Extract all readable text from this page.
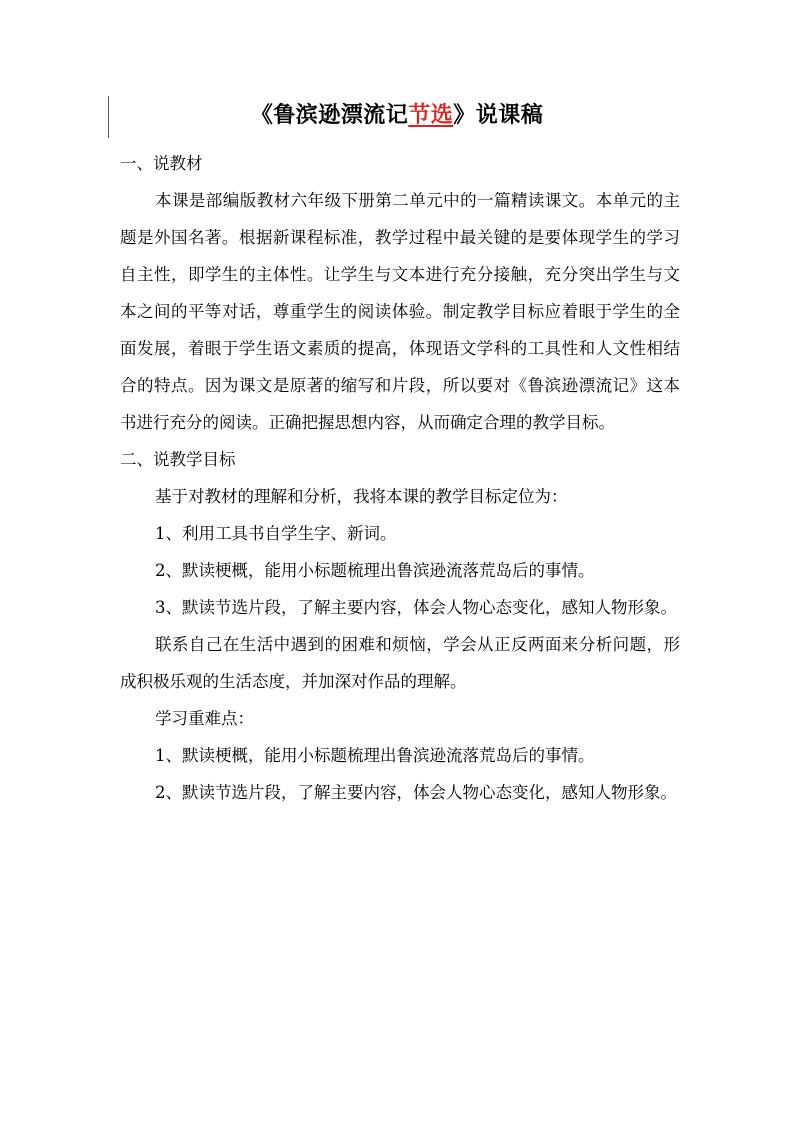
《鲁滨逊漂流记节选》说课稿

一、说教材

本课是部编版教材六年级下册第二单元中的一篇精读课文。本单元的主题是外国名著。根据新课程标准，教学过程中最关键的是要体现学生的学习自主性，即学生的主体性。让学生与文本进行充分接触，充分突出学生与文本之间的平等对话，尊重学生的阅读体验。制定教学目标应着眼于学生的全面发展，着眼于学生语文素质的提高，体现语文学科的工具性和人文性相结合的特点。因为课文是原著的缩写和片段，所以要对《鲁滨逊漂流记》这本书进行充分的阅读。正确把握思想内容，从而确定合理的教学目标。

二、说教学目标

基于对教材的理解和分析，我将本课的教学目标定位为：

1、利用工具书自学生字、新词。

2、默读梗概，能用小标题梳理出鲁滨逊流落荒岛后的事情。

3、默读节选片段，了解主要内容，体会人物心态变化，感知人物形象。

联系自己在生活中遇到的困难和烦恼，学会从正反两面来分析问题，形成积极乐观的生活态度，并加深对作品的理解。

学习重难点：

1、默读梗概，能用小标题梳理出鲁滨逊流落荒岛后的事情。

2、默读节选片段，了解主要内容，体会人物心态变化，感知人物形象。
